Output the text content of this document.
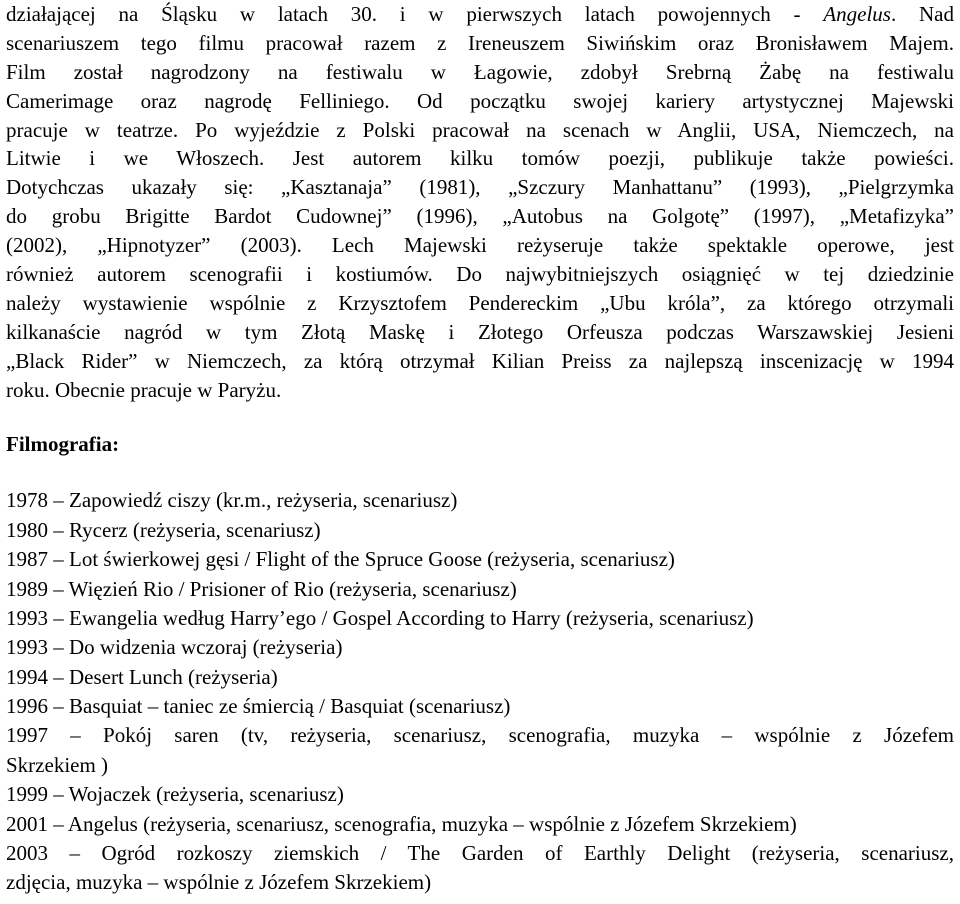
działającej na Śląsku w latach 30. i w pierwszych latach powojennych - Angelus. Nad
scenariuszem tego filmu pracował razem z Ireneuszem Siwińskim oraz Bronisławem Majem.
Film został nagrodzony na festiwalu w Łagowie, zdobył Srebrną Żabę na festiwalu
Camerimage oraz nagrodę Felliniego. Od początku swojej kariery artystycznej Majewski
pracuje w teatrze. Po wyjeździe z Polski pracował na scenach w Anglii, USA, Niemczech, na
Litwie i we Włoszech. Jest autorem kilku tomów poezji, publikuje także powieści.
Dotychczas ukazały się: „Kasztanaja” (1981), „Szczury Manhattanu” (1993), „Pielgrzymka
do grobu Brigitte Bardot Cudownej” (1996), „Autobus na Golgotę” (1997), „Metafizyka”
(2002), „Hipnotyzer” (2003). Lech Majewski reżyseruje także spektakle operowe, jest
również autorem scenografii i kostiumów. Do najwybitniejszych osiągnięć w tej dziedzinie
należy wystawienie wspólnie z Krzysztofem Pendereckim „Ubu króla”, za którego otrzymali
kilkanaście nagród w tym Złotą Maskę i Złotego Orfeusza podczas Warszawskiej Jesieni
„Black Rider” w Niemczech, za którą otrzymał Kilian Preiss za najlepszą inscenizację w 1994
roku. Obecnie pracuje w Paryżu.
Filmografia:
1978 – Zapowiedź ciszy (kr.m., reżyseria, scenariusz)
1980 – Rycerz (reżyseria, scenariusz)
1987 – Lot świerkowej gęsi / Flight of the Spruce Goose (reżyseria, scenariusz)
1989 – Więzień Rio / Prisioner of Rio (reżyseria, scenariusz)
1993 – Ewangelia według Harry’ego / Gospel According to Harry (reżyseria, scenariusz)
1993 – Do widzenia wczoraj (reżyseria)
1994 – Desert Lunch (reżyseria)
1996 – Basquiat – taniec ze śmiercią / Basquiat (scenariusz)
1997 – Pokój saren (tv, reżyseria, scenariusz, scenografia, muzyka – wspólnie z Józefem
Skrzekiem )
1999 – Wojaczek (reżyseria, scenariusz)
2001 – Angelus (reżyseria, scenariusz, scenografia, muzyka – wspólnie z Józefem Skrzekiem)
2003 – Ogród rozkoszy ziemskich / The Garden of Earthly Delight (reżyseria, scenariusz,
zdjęcia, muzyka – wspólnie z Józefem Skrzekiem)
